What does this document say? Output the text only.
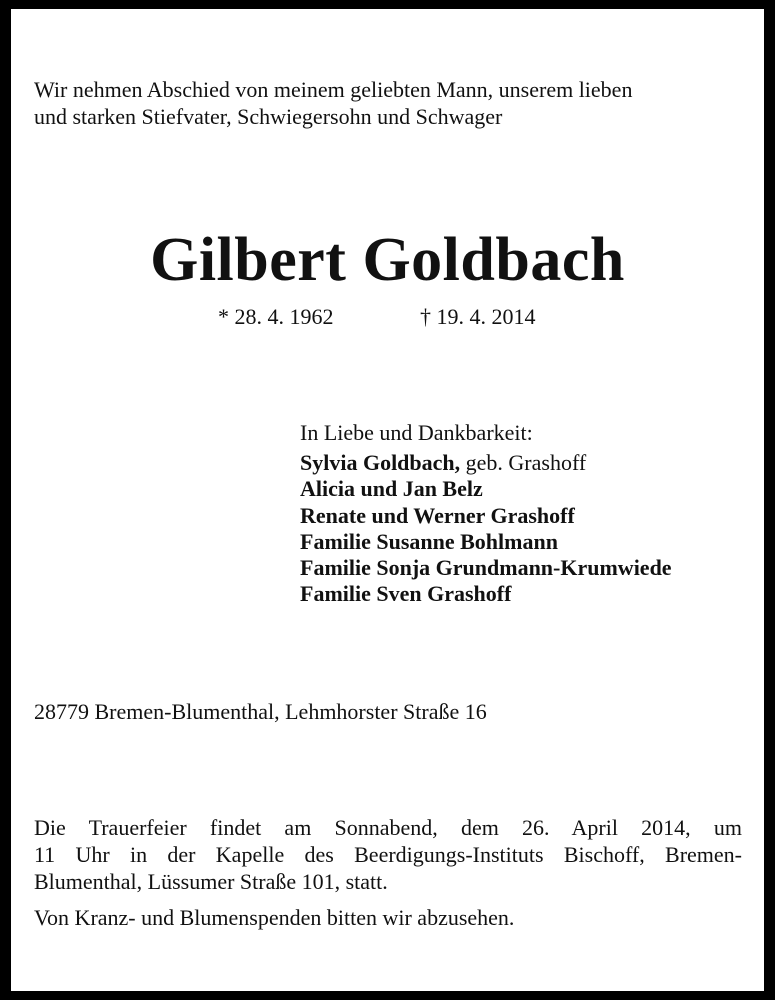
Wir nehmen Abschied von meinem geliebten Mann, unserem lieben
und starken Stiefvater, Schwiegersohn und Schwager

Gilbert Goldbach
* 28. 4. 1962	† 19. 4. 2014
In Liebe und Dankbarkeit:
Sylvia Goldbach, geb. Grashoff
Alicia und Jan Belz
Renate und Werner Grashoff
Familie Susanne Bohlmann
Familie Sonja Grundmann-Krumwiede
Familie Sven Grashoff
28779 Bremen-Blumenthal, Lehmhorster Straße 16
Die Trauerfeier findet am Sonnabend, dem 26. April 2014, um
11 Uhr in der Kapelle des Beerdigungs-Instituts Bischoff, Bremen-
Blumenthal, Lüssumer Straße 101, statt.
Von Kranz- und Blumenspenden bitten wir abzusehen.
